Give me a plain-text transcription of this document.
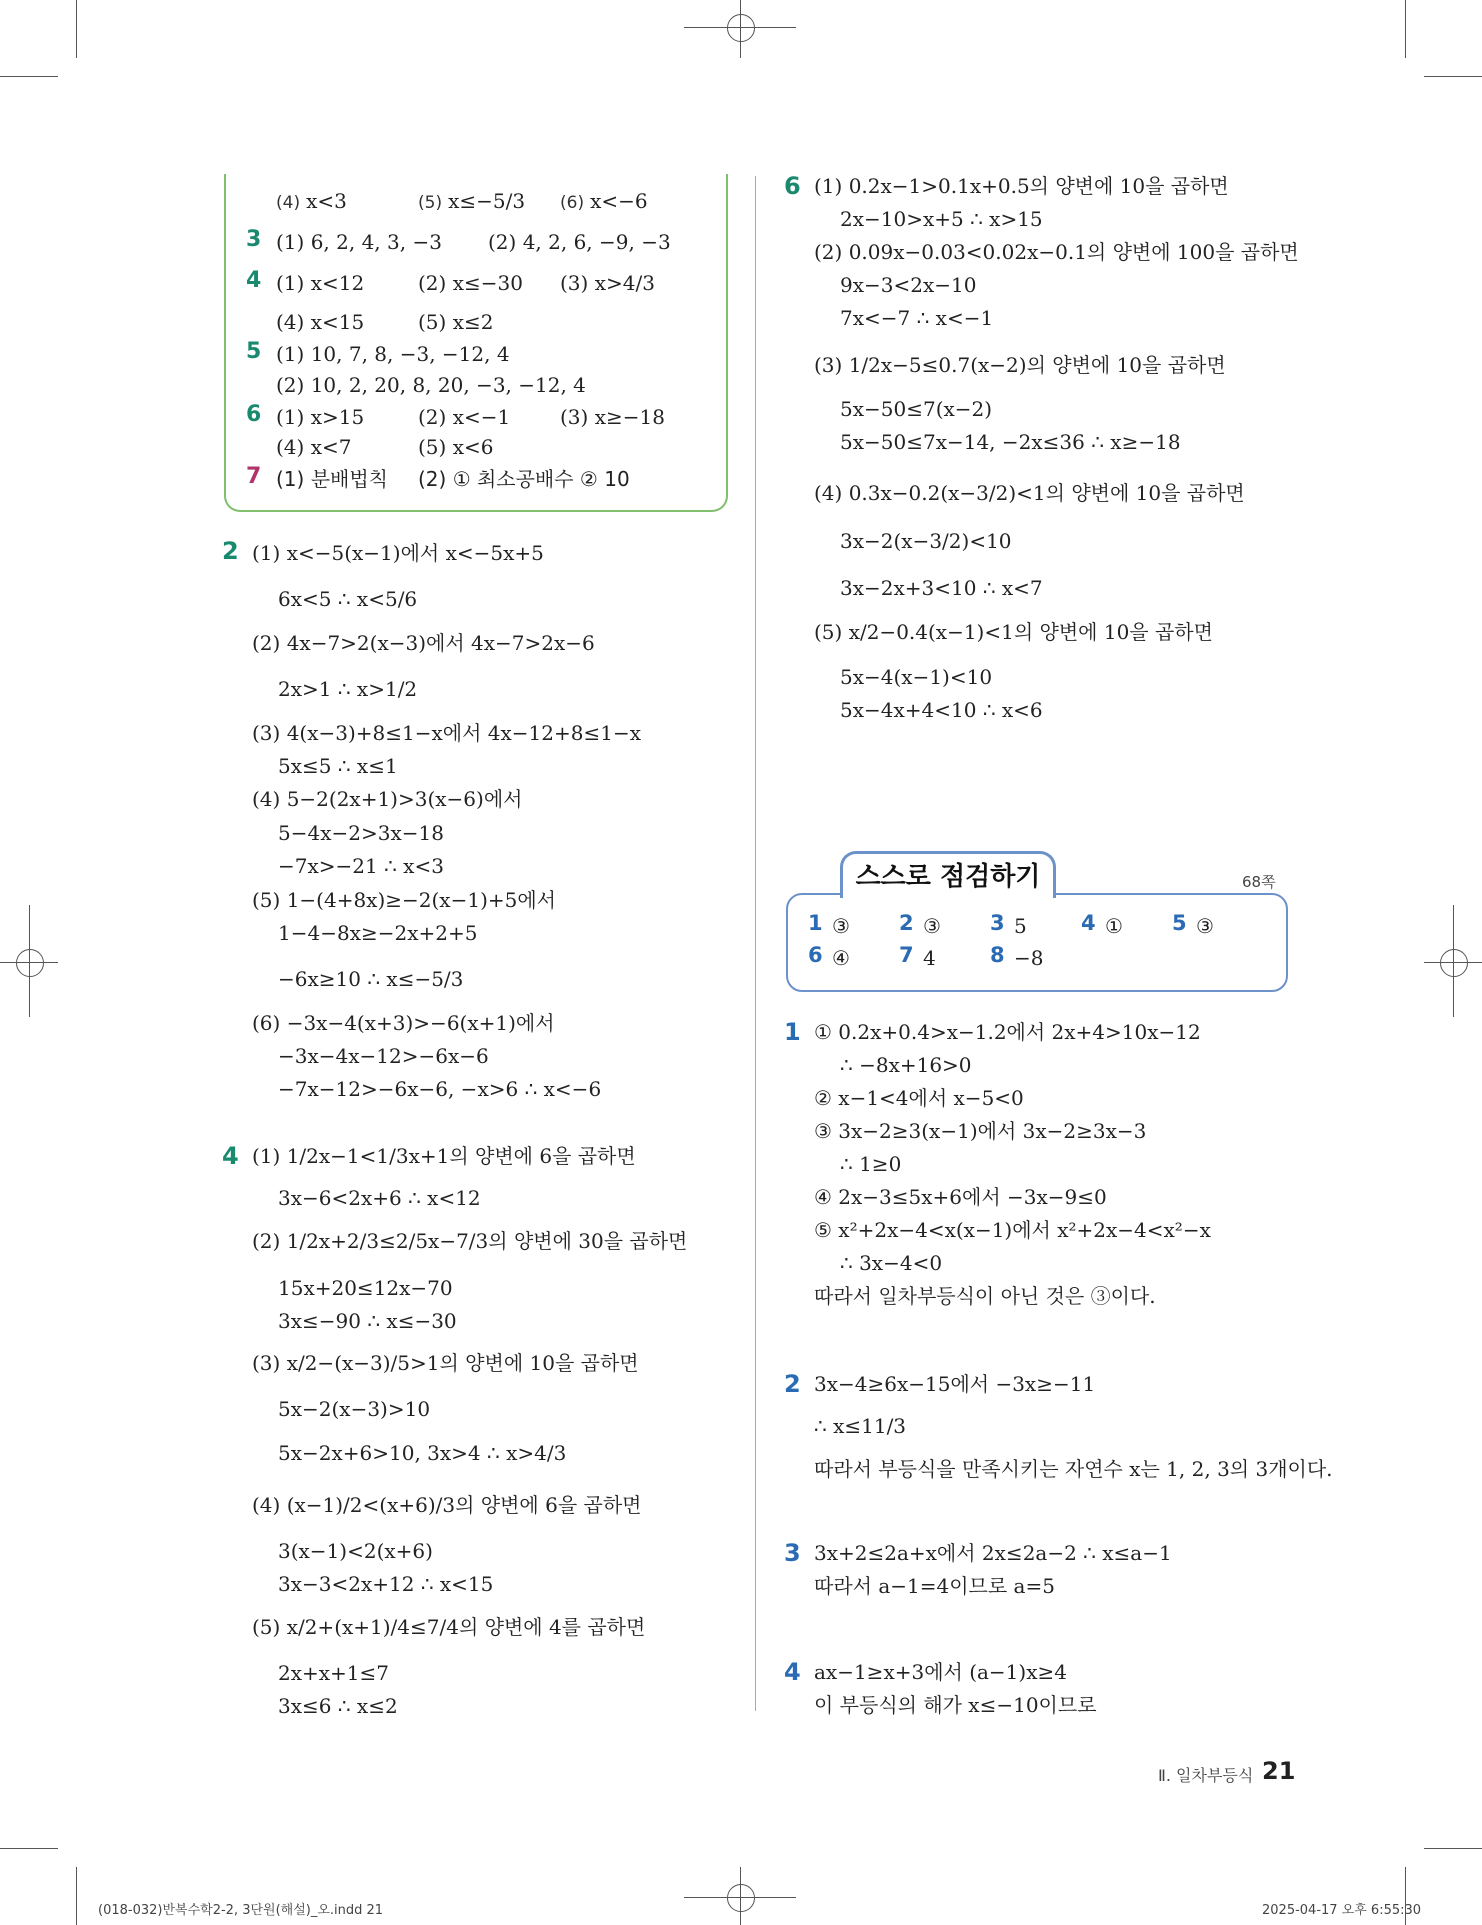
(4) x<3	(5) x≤−5/3 (6) x<−6
3 (1) 6, 2, 4, 3, −3 (2) 4, 2, 6, −9, −3
4 (1) x<12	(2) x≤−30 (3) x>4/3
(4) x<15	(5) x≤2
5 (1) 10, 7, 8, −3, −12, 4
(2) 10, 2, 20, 8, 20, −3, −12, 4
6 (1) x>15	(2) x<−1 (3) x≥−18
(4) x<7	(5) x<6
7 (1) 분배법칙 (2) ① 최소공배수 ② 10
2 (1) x<−5(x−1)에서 x<−5x+5
6x<5 ∴ x<5/6
(2) 4x−7>2(x−3)에서 4x−7>2x−6
2x>1 ∴ x>1/2
(3) 4(x−3)+8≤1−x에서 4x−12+8≤1−x
5x≤5 ∴ x≤1
(4) 5−2(2x+1)>3(x−6)에서
5−4x−2>3x−18
−7x>−21 ∴ x<3
(5) 1−(4+8x)≥−2(x−1)+5에서
1−4−8x≥−2x+2+5
−6x≥10 ∴ x≤−5/3
(6) −3x−4(x+3)>−6(x+1)에서
−3x−4x−12>−6x−6
−7x−12>−6x−6, −x>6 ∴ x<−6
4 (1) 1/2x−1<1/3x+1의 양변에 6을 곱하면
3x−6<2x+6 ∴ x<12
(2) 1/2x+2/3≤2/5x−7/3의 양변에 30을 곱하면
15x+20≤12x−70
3x≤−90 ∴ x≤−30
(3) x/2−(x−3)/5>1의 양변에 10을 곱하면
5x−2(x−3)>10
5x−2x+6>10, 3x>4 ∴ x>4/3
(4) (x−1)/2<(x+6)/3의 양변에 6을 곱하면
3(x−1)<2(x+6)
3x−3<2x+12 ∴ x<15
(5) x/2+(x+1)/4≤7/4의 양변에 4를 곱하면
2x+x+1≤7
3x≤6 ∴ x≤2
6 (1) 0.2x−1>0.1x+0.5의 양변에 10을 곱하면
2x−10>x+5 ∴ x>15
(2) 0.09x−0.03<0.02x−0.1의 양변에 100을 곱하면
9x−3<2x−10
7x<−7 ∴ x<−1
(3) 1/2x−5≤0.7(x−2)의 양변에 10을 곱하면
5x−50≤7(x−2)
5x−50≤7x−14, −2x≤36 ∴ x≥−18
(4) 0.3x−0.2(x−3/2)<1의 양변에 10을 곱하면
3x−2(x−3/2)<10
3x−2x+3<10 ∴ x<7
(5) x/2−0.4(x−1)<1의 양변에 10을 곱하면
5x−4(x−1)<10
5x−4x+4<10 ∴ x<6
스스로 점검하기	68쪽
1 ③ 2 ③ 3 5	4 ① 5 ③
6 ④ 7 4	8 −8
1 ① 0.2x+0.4>x−1.2에서 2x+4>10x−12
∴ −8x+16>0
② x−1<4에서 x−5<0
③ 3x−2≥3(x−1)에서 3x−2≥3x−3
∴ 1≥0
④ 2x−3≤5x+6에서 −3x−9≤0
⑤ x²+2x−4<x(x−1)에서 x²+2x−4<x²−x
∴ 3x−4<0
따라서 일차부등식이 아닌 것은 ③이다.
2 3x−4≥6x−15에서 −3x≥−11
∴ x≤11/3
따라서 부등식을 만족시키는 자연수 x는 1, 2, 3의 3개이다.
3 3x+2≤2a+x에서 2x≤2a−2 ∴ x≤a−1
따라서 a−1=4이므로 a=5
4 ax−1≥x+3에서 (a−1)x≥4
이 부등식의 해가 x≤−10이므로
Ⅱ. 일차부등식 21
(018-032)반복수학2-2, 3단원(해설)_오.indd 21	2025-04-17 오후 6:55:30
